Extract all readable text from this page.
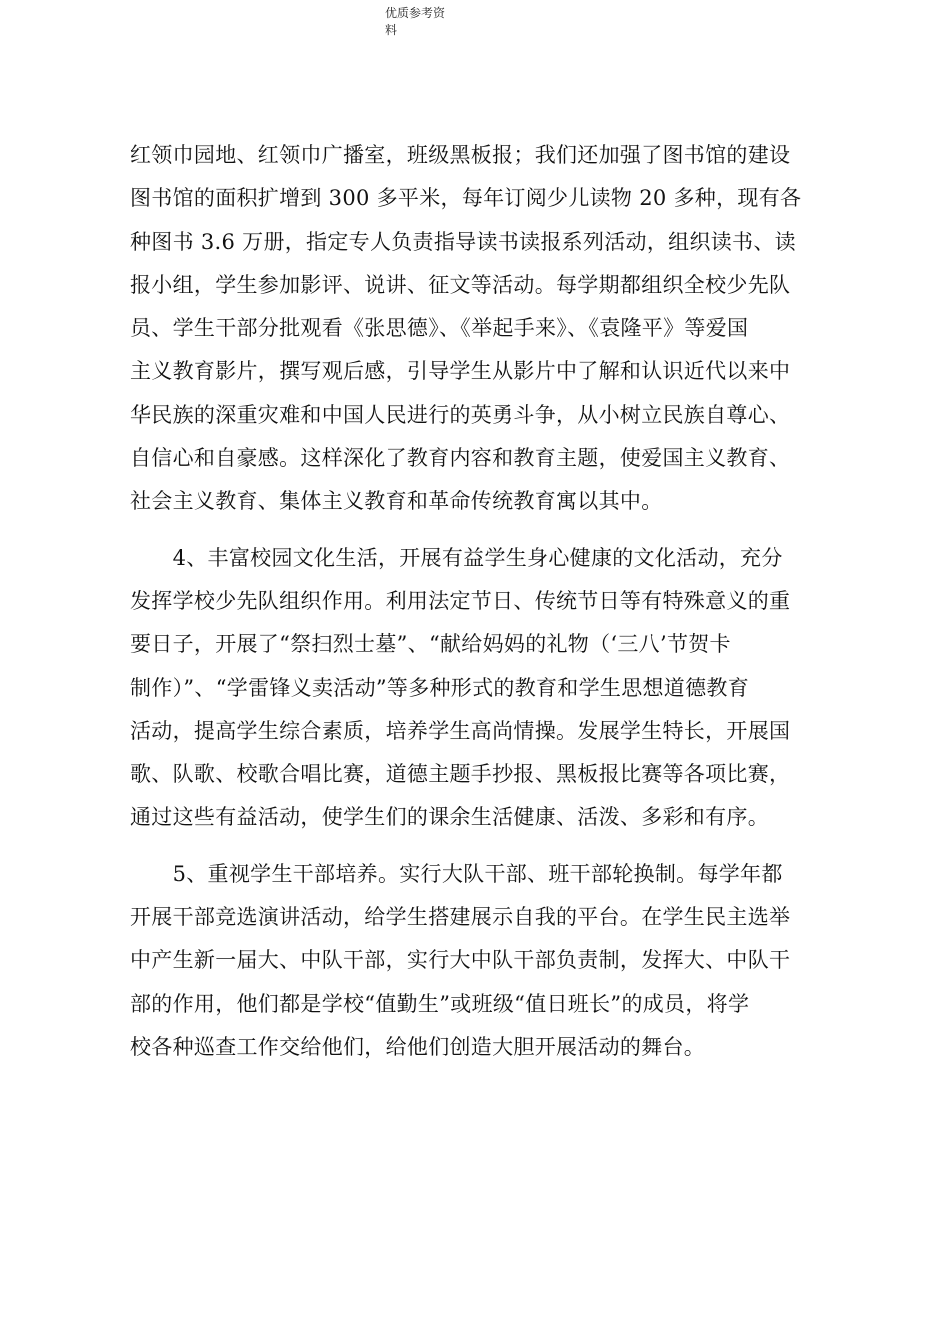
优质参考资
料
红领巾园地、红领巾广播室，班级黑板报；我们还加强了图书馆的建设
图书馆的面积扩增到 300 多平米，每年订阅少儿读物 20 多种，现有各
种图书 3.6 万册，指定专人负责指导读书读报系列活动，组织读书、读
报小组，学生参加影评、说讲、征文等活动。每学期都组织全校少先队
员、学生干部分批观看《张思德》、《举起手来》、《袁隆平》等爱国
主义教育影片，撰写观后感，引导学生从影片中了解和认识近代以来中
华民族的深重灾难和中国人民进行的英勇斗争，从小树立民族自尊心、
自信心和自豪感。这样深化了教育内容和教育主题，使爱国主义教育、
社会主义教育、集体主义教育和革命传统教育寓以其中。
　　4、丰富校园文化生活，开展有益学生身心健康的文化活动，充分
发挥学校少先队组织作用。利用法定节日、传统节日等有特殊意义的重
要日子，开展了“祭扫烈士墓”、“献给妈妈的礼物（‘三八’节贺卡
制作）”、“学雷锋义卖活动”等多种形式的教育和学生思想道德教育
活动，提高学生综合素质，培养学生高尚情操。发展学生特长，开展国
歌、队歌、校歌合唱比赛，道德主题手抄报、黑板报比赛等各项比赛，
通过这些有益活动，使学生们的课余生活健康、活泼、多彩和有序。
　　5、重视学生干部培养。实行大队干部、班干部轮换制。每学年都
开展干部竞选演讲活动，给学生搭建展示自我的平台。在学生民主选举
中产生新一届大、中队干部，实行大中队干部负责制，发挥大、中队干
部的作用，他们都是学校“值勤生”或班级“值日班长”的成员，将学
校各种巡查工作交给他们，给他们创造大胆开展活动的舞台。
